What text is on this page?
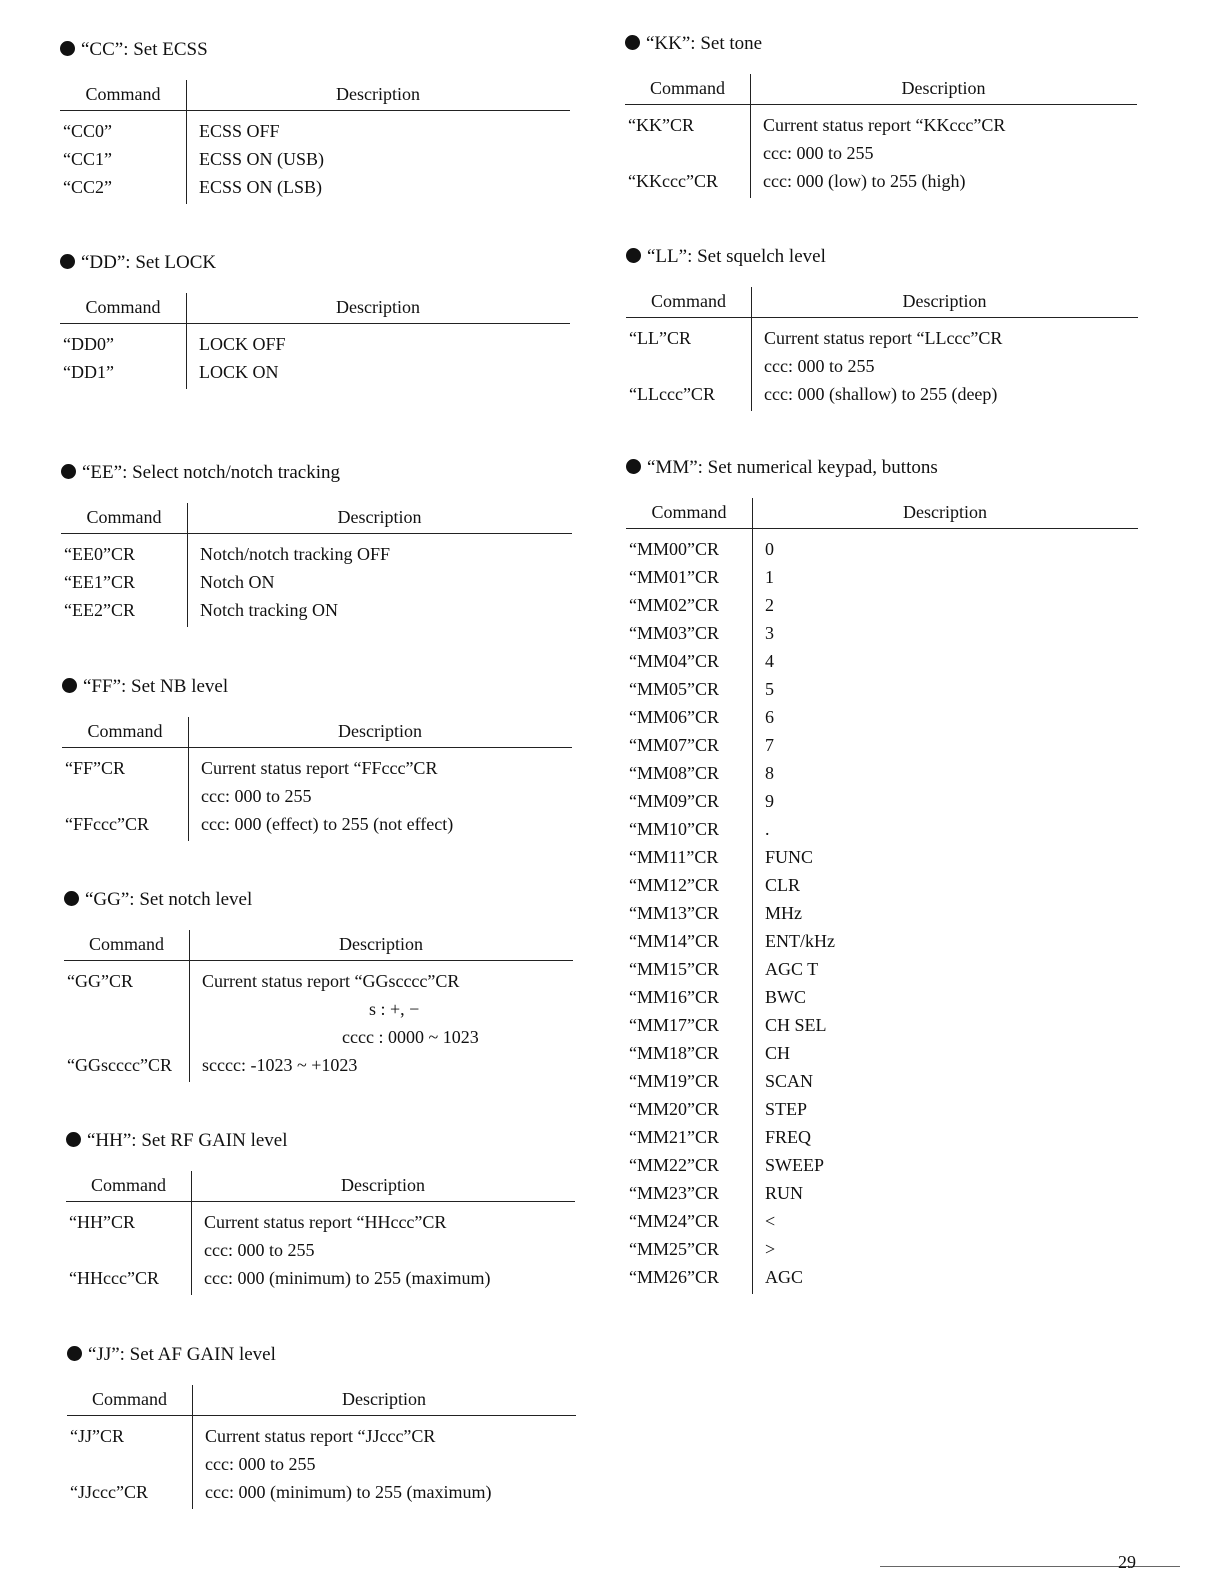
“CC”: Set ECSS
Command	Description
“CC0”	ECSS OFF
“CC1”	ECSS ON (USB)
“CC2”	ECSS ON (LSB)
“DD”: Set LOCK
Command	Description
“DD0”	LOCK OFF
“DD1”	LOCK ON
“EE”: Select notch/notch tracking
Command	Description
“EE0”CR	Notch/notch tracking OFF
“EE1”CR	Notch ON
“EE2”CR	Notch tracking ON
“FF”: Set NB level
Command	Description
“FF”CR	Current status report “FFccc”CR
ccc: 000 to 255
“FFccc”CR	ccc: 000 (effect) to 255 (not effect)
“GG”: Set notch level
Command	Description
“GG”CR	Current status report “GGscccc”CR
s : +, −
cccc : 0000 ~ 1023
“GGscccc”CR scccc: -1023 ~ +1023
“HH”: Set RF GAIN level
Command	Description
“HH”CR	Current status report “HHccc”CR
ccc: 000 to 255
“HHccc”CR	ccc: 000 (minimum) to 255 (maximum)
“JJ”: Set AF GAIN level
Command	Description
“JJ”CR	Current status report “JJccc”CR
ccc: 000 to 255
“JJccc”CR	ccc: 000 (minimum) to 255 (maximum)
“KK”: Set tone
Command	Description
“KK”CR	Current status report “KKccc”CR
ccc: 000 to 255
“KKccc”CR	ccc: 000 (low) to 255 (high)
“LL”: Set squelch level
Command	Description
“LL”CR	Current status report “LLccc”CR
ccc: 000 to 255
“LLccc”CR	ccc: 000 (shallow) to 255 (deep)
“MM”: Set numerical keypad, buttons
Command	Description
“MM00”CR	0
“MM01”CR	1
“MM02”CR	2
“MM03”CR	3
“MM04”CR	4
“MM05”CR	5
“MM06”CR	6
“MM07”CR	7
“MM08”CR	8
“MM09”CR	9
“MM10”CR	.
“MM11”CR	FUNC
“MM12”CR	CLR
“MM13”CR	MHz
“MM14”CR	ENT/kHz
“MM15”CR	AGC T
“MM16”CR	BWC
“MM17”CR	CH SEL
“MM18”CR	CH
“MM19”CR	SCAN
“MM20”CR	STEP
“MM21”CR	FREQ
“MM22”CR	SWEEP
“MM23”CR	RUN
“MM24”CR	<
“MM25”CR	>
“MM26”CR	AGC
29
